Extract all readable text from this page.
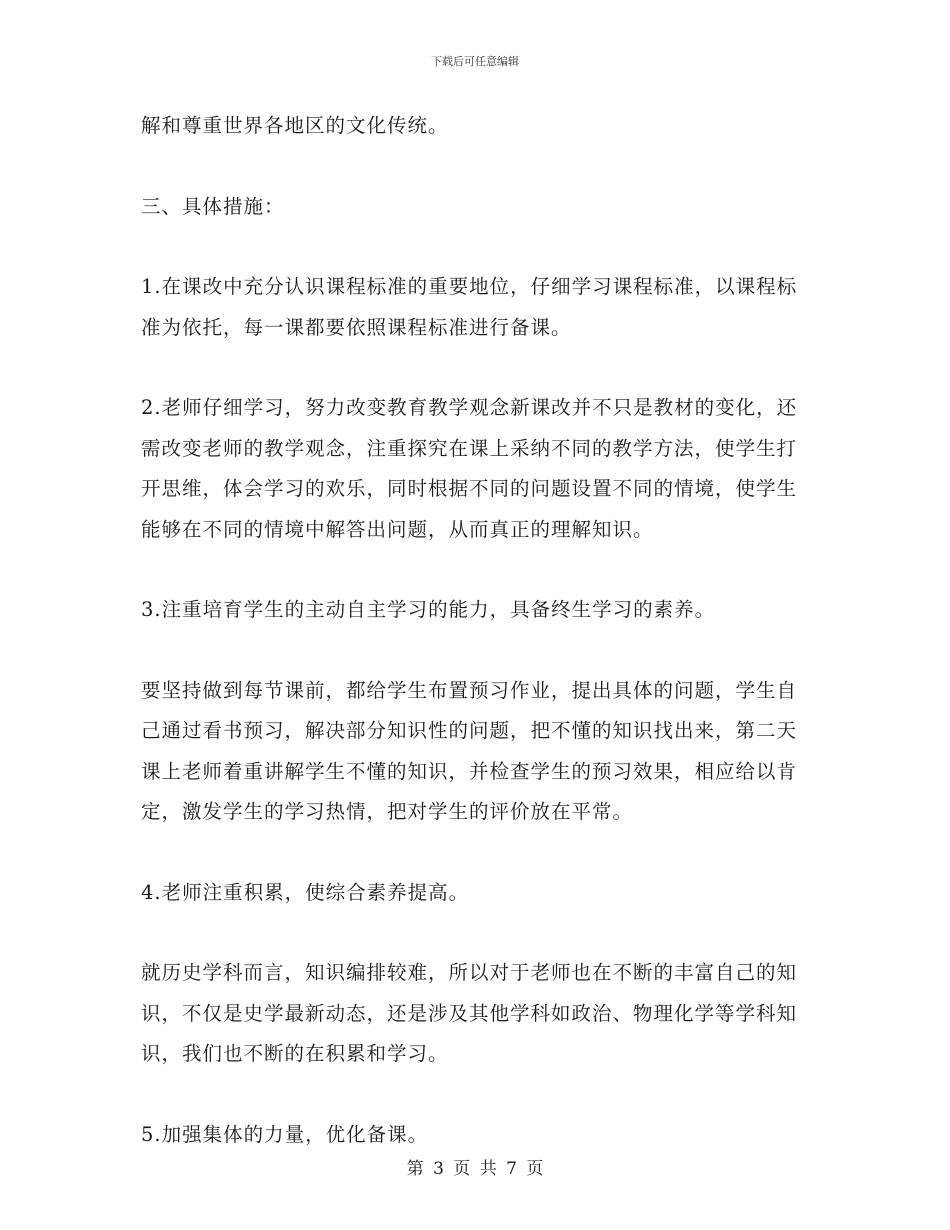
下载后可任意编辑

解和尊重世界各地区的文化传统。

三、具体措施：

1.在课改中充分认识课程标准的重要地位，仔细学习课程标准，以课程标准为依托，每一课都要依照课程标准进行备课。

2.老师仔细学习，努力改变教育教学观念新课改并不只是教材的变化，还需改变老师的教学观念，注重探究在课上采纳不同的教学方法，使学生打开思维，体会学习的欢乐，同时根据不同的问题设置不同的情境，使学生能够在不同的情境中解答出问题，从而真正的理解知识。

3.注重培育学生的主动自主学习的能力，具备终生学习的素养。

要坚持做到每节课前，都给学生布置预习作业，提出具体的问题，学生自己通过看书预习，解决部分知识性的问题，把不懂的知识找出来，第二天课上老师着重讲解学生不懂的知识，并检查学生的预习效果，相应给以肯定，激发学生的学习热情，把对学生的评价放在平常。

4.老师注重积累，使综合素养提高。

就历史学科而言，知识编排较难，所以对于老师也在不断的丰富自己的知识，不仅是史学最新动态，还是涉及其他学科如政治、物理化学等学科知识，我们也不断的在积累和学习。

5.加强集体的力量，优化备课。

第 3 页 共 7 页
